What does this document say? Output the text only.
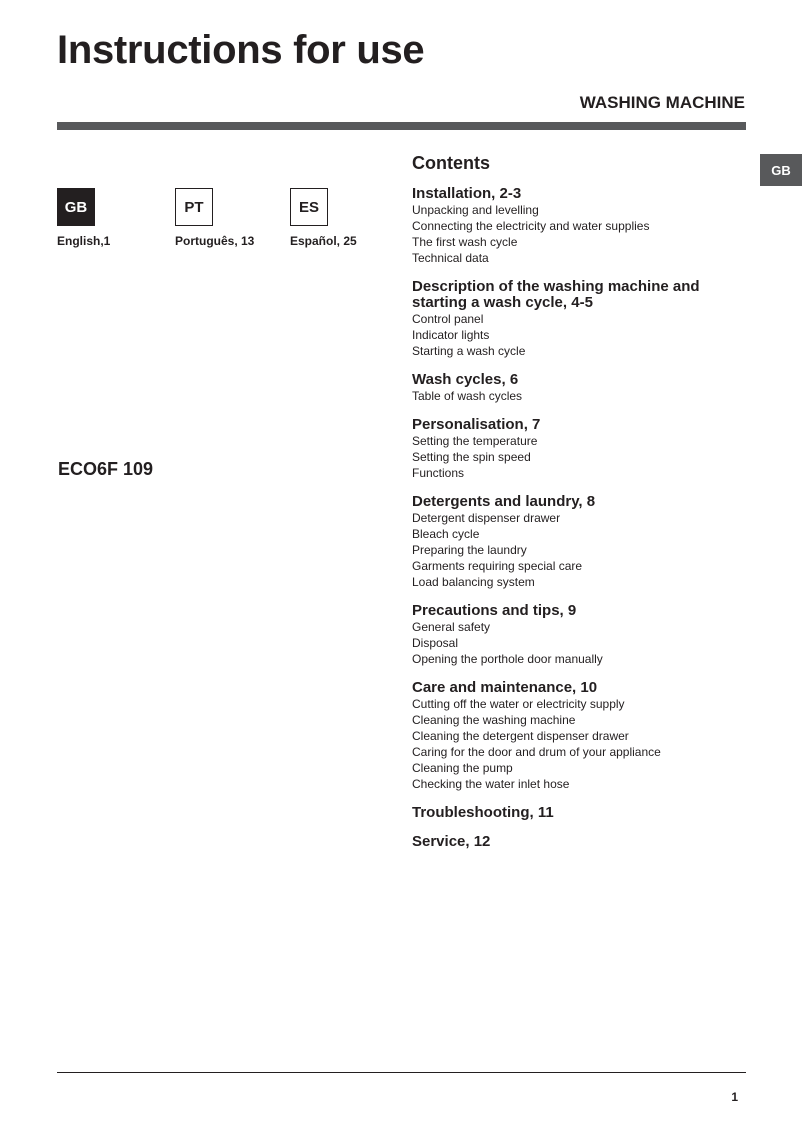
Instructions for use
WASHING MACHINE
GB
GB
English,1
PT
Português, 13
ES
Español, 25
ECO6F 109
Contents
Installation, 2-3
Unpacking and levelling
Connecting the electricity and water supplies
The first wash cycle
Technical data
Description of the washing machine and starting a wash cycle, 4-5
Control panel
Indicator lights
Starting a wash cycle
Wash cycles, 6
Table of wash cycles
Personalisation, 7
Setting the temperature
Setting the spin speed
Functions
Detergents and laundry, 8
Detergent dispenser drawer
Bleach cycle
Preparing the laundry
Garments requiring special care
Load balancing system
Precautions and tips, 9
General safety
Disposal
Opening the porthole door manually
Care and maintenance, 10
Cutting off the water or electricity supply
Cleaning the washing machine
Cleaning the detergent dispenser drawer
Caring for the door and drum of your appliance
Cleaning the pump
Checking the water inlet hose
Troubleshooting, 11
Service, 12
1
